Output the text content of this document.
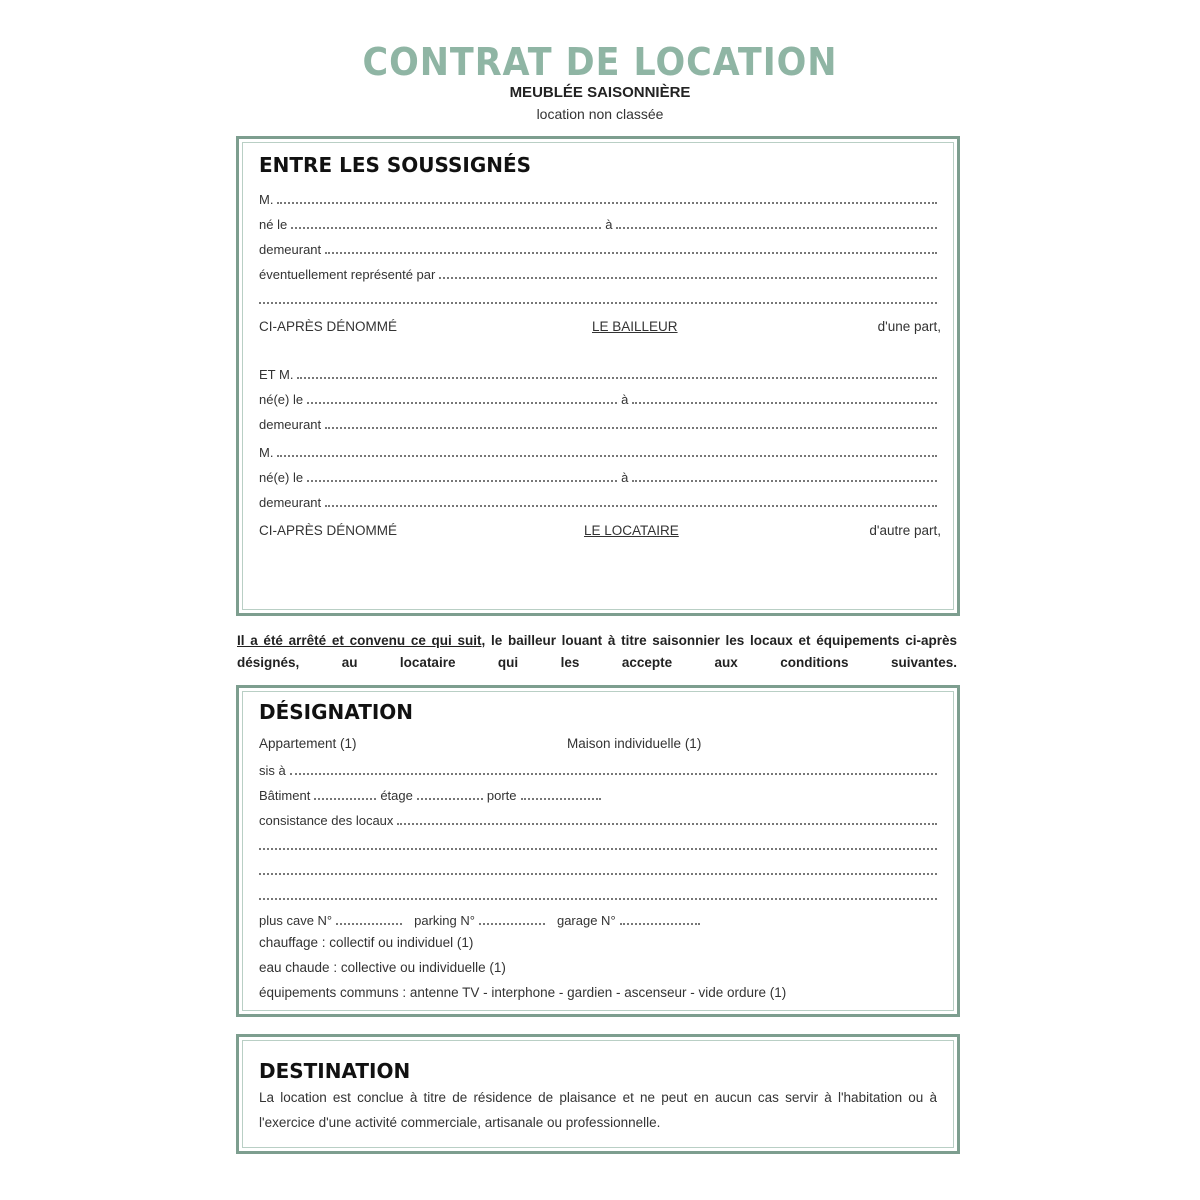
CONTRAT DE LOCATION
MEUBLÉE SAISONNIÈRE
location non classée
ENTRE LES SOUSSIGNÉS
M.
né le	à
demeurant
éventuellement représenté par
CI-APRÈS DÉNOMMÉ	LE BAILLEUR	d'une part,
ET M.
né(e) le	à
demeurant
M.
né(e) le	à
demeurant
CI-APRÈS DÉNOMMÉ	LE LOCATAIRE	d'autre part,
Il a été arrêté et convenu ce qui suit, le bailleur louant à titre saisonnier les locaux et équipements ci-après désignés, au locataire qui les accepte aux conditions suivantes.
DÉSIGNATION
Appartement (1)	Maison individuelle (1)
sis à
Bâtiment	étage	porte
consistance des locaux
plus cave N°	parking N°	garage N°
chauffage : collectif ou individuel (1)
eau chaude : collective ou individuelle (1)
équipements communs : antenne TV - interphone - gardien - ascenseur - vide ordure (1)
DESTINATION
La location est conclue à titre de résidence de plaisance et ne peut en aucun cas servir à l'habitation ou à l'exercice d'une activité commerciale, artisanale ou professionnelle.
